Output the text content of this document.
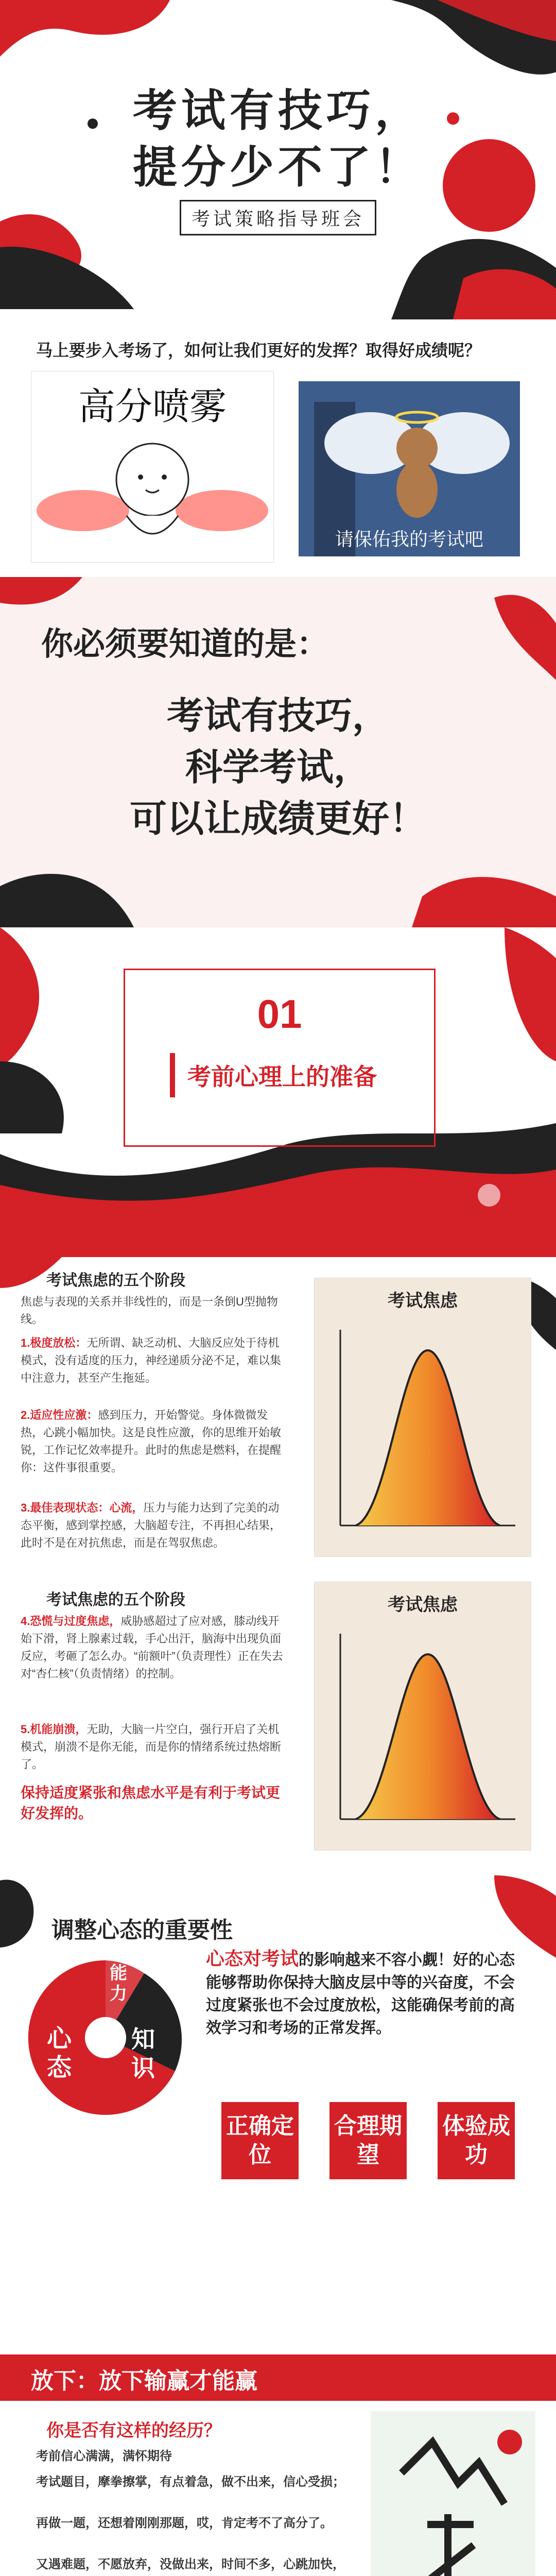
考试有技巧，
提分少不了！
考试策略指导班会
马上要步入考场了，如何让我们更好的发挥？取得好成绩呢？
高分喷雾
请保佑我的考试吧
你必须要知道的是：
考试有技巧，
科学考试，
可以让成绩更好！
01
考前心理上的准备
考试焦虑的五个阶段
焦虑与表现的关系并非线性的，而是一条倒U型抛物线。
1.极度放松：无所谓、缺乏动机、大脑反应处于待机模式，没有适度的压力，神经递质分泌不足，难以集中注意力，甚至产生拖延。
2.适应性应激：感到压力，开始警觉。身体微微发热，心跳小幅加快。这是良性应激，你的思维开始敏锐，工作记忆效率提升。此时的焦虑是燃料，在提醒你：这件事很重要。
3.最佳表现状态：心流，压力与能力达到了完美的动态平衡，感到掌控感，大脑超专注，不再担心结果，此时不是在对抗焦虑，而是在驾驭焦虑。
考试焦虑
考试焦虑的五个阶段
4.恐慌与过度焦虑，威胁感超过了应对感，膝动线开始下滑，肾上腺素过载，手心出汗，脑海中出现负面反应，考砸了怎么办。“前额叶”（负责理性）正在失去对“杏仁核”（负责情绪）的控制。
5.机能崩溃，无助，大脑一片空白，强行开启了关机模式，崩溃不是你无能，而是你的情绪系统过热熔断了。
保持适度紧张和焦虑水平是有利于考试更好发挥的。
考试焦虑
调整心态的重要性
心态
能力
知识
心态对考试的影响越来不容小觑！好的心态能够帮助你保持大脑皮层中等的兴奋度，不会过度紧张也不会过度放松，这能确保考前的高效学习和考场的正常发挥。
正确定位
合理期望
体验成功
放下：放下输赢才能赢
你是否有这样的经历？
考前信心满满，满怀期待
考试题目，摩拳擦掌，有点着急，做不出来，信心受损；
再做一题，还想着刚刚那题，哎，肯定考不了高分了。
又遇难题，不愿放弃，没做出来，时间不多，心跳加快，
